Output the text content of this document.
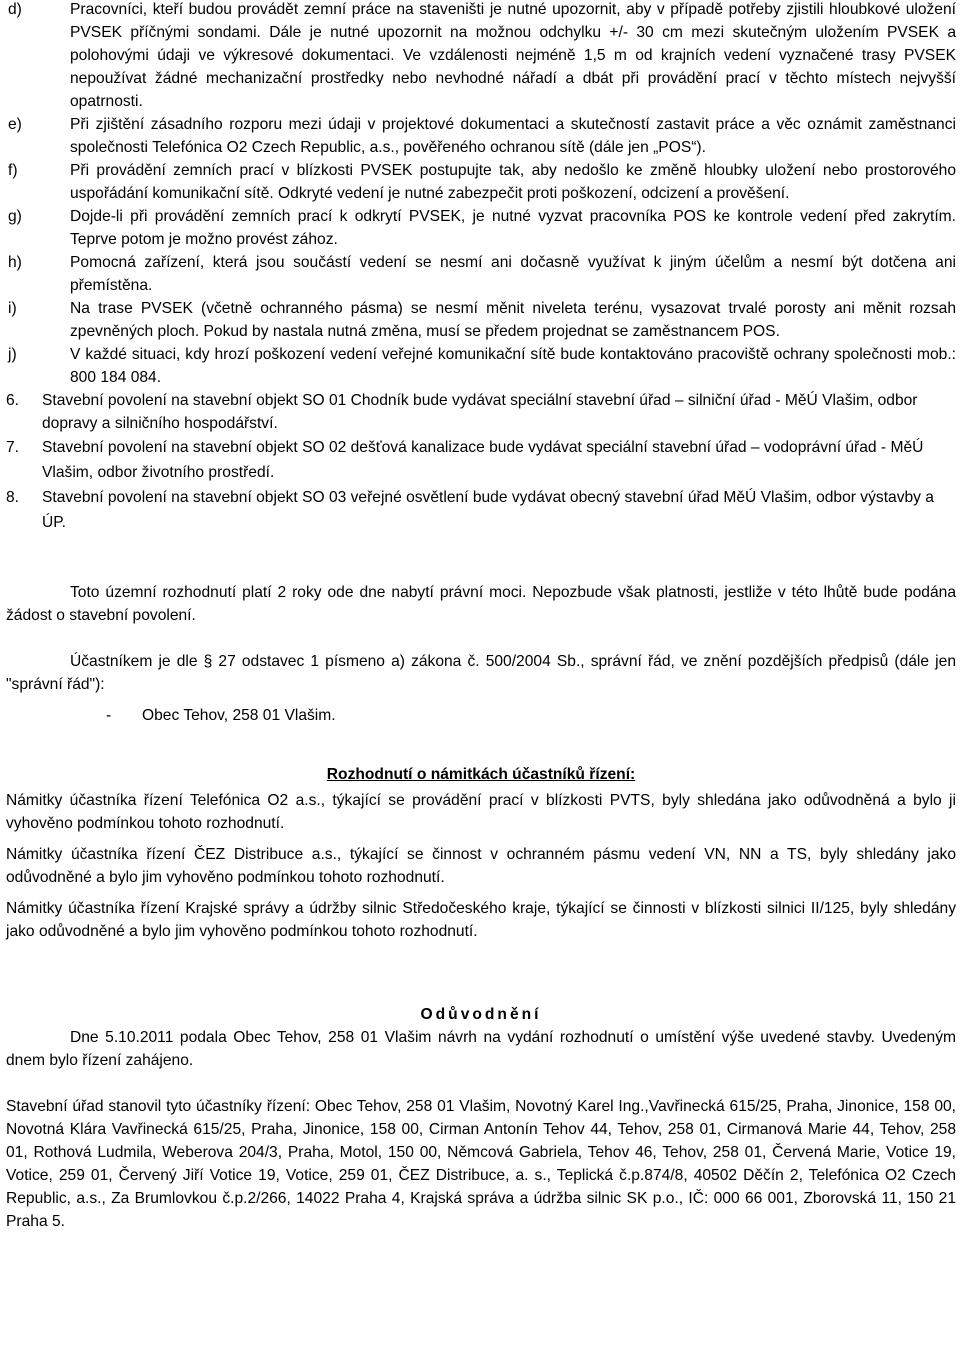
d)	Pracovníci, kteří budou provádět zemní práce na staveništi je nutné upozornit, aby v případě potřeby zjistili hloubkové uložení PVSEK příčnými sondami. Dále je nutné upozornit na možnou odchylku +/- 30 cm mezi skutečným uložením PVSEK a polohovými údaji ve výkresové dokumentaci. Ve vzdálenosti nejméně 1,5 m od krajních vedení vyznačené trasy PVSEK nepoužívat žádné mechanizační prostředky nebo nevhodné nářadí a dbát při provádění prací v těchto místech nejvyšší opatrnosti.
e)	Při zjištění zásadního rozporu mezi údaji v projektové dokumentaci a skutečností zastavit práce a věc oznámit zaměstnanci společnosti Telefónica O2 Czech Republic, a.s., pověřeného ochranou sítě (dále jen „POS“).
f)	Při provádění zemních prací v blízkosti PVSEK postupujte tak, aby nedošlo ke změně hloubky uložení nebo prostorového uspořádání komunikační sítě. Odkryté vedení je nutné zabezpečit proti poškození, odcizení a prověšení.
g)	Dojde-li při provádění zemních prací k odkrytí PVSEK, je nutné vyzvat pracovníka POS ke kontrole vedení před zakrytím. Teprve potom je možno provést zához.
h)	Pomocná zařízení, která jsou součástí vedení se nesmí ani dočasně využívat k jiným účelům a nesmí být dotčena ani přemístěna.
i)	Na trase PVSEK (včetně ochranného pásma) se nesmí měnit niveleta terénu, vysazovat trvalé porosty ani měnit rozsah zpevněných ploch. Pokud by nastala nutná změna, musí se předem projednat se zaměstnancem POS.
j)	V každé situaci, kdy hrozí poškození vedení veřejné komunikační sítě bude kontaktováno pracoviště ochrany společnosti mob.: 800 184 084.
6. Stavební povolení na stavební objekt SO 01 Chodník bude vydávat speciální stavební úřad – silniční úřad - MěÚ Vlašim, odbor dopravy a silničního hospodářství.
7. Stavební povolení na stavební objekt SO 02 dešťová kanalizace bude vydávat speciální stavební úřad – vodoprávní úřad - MěÚ Vlašim, odbor životního prostředí.
8. Stavební povolení na stavební objekt SO 03 veřejné osvětlení bude vydávat obecný stavební úřad MěÚ Vlašim, odbor výstavby a ÚP.

Toto územní rozhodnutí platí 2 roky ode dne nabytí právní moci. Nepozbude však platnosti, jestliže v této lhůtě bude podána žádost o stavební povolení.

Účastníkem je dle § 27 odstavec 1 písmeno a) zákona č. 500/2004 Sb., správní řád, ve znění pozdějších předpisů (dále jen "správní řád"):

- Obec Tehov, 258 01 Vlašim.

Rozhodnutí o námitkách účastníků řízení:

Námitky účastníka řízení Telefónica O2 a.s., týkající se provádění prací v blízkosti PVTS, byly shledána jako odůvodněná a bylo ji vyhověno podmínkou tohoto rozhodnutí.

Námitky účastníka řízení ČEZ Distribuce a.s., týkající se činnost v ochranném pásmu vedení VN, NN a TS, byly shledány jako odůvodněné a bylo jim vyhověno podmínkou tohoto rozhodnutí.

Námitky účastníka řízení Krajské správy a údržby silnic Středočeského kraje, týkající se činnosti v blízkosti silnici II/125, byly shledány jako odůvodněné a bylo jim vyhověno podmínkou tohoto rozhodnutí.

Odůvodnění

Dne 5.10.2011 podala Obec Tehov, 258 01 Vlašim návrh na vydání rozhodnutí o umístění výše uvedené stavby. Uvedeným dnem bylo řízení zahájeno.

Stavební úřad stanovil tyto účastníky řízení: Obec Tehov, 258 01 Vlašim, Novotný Karel Ing.,Vavřinecká 615/25, Praha, Jinonice, 158 00, Novotná Klára Vavřinecká 615/25, Praha, Jinonice, 158 00, Cirman Antonín Tehov 44, Tehov, 258 01, Cirmanová Marie 44, Tehov, 258 01, Rothová Ludmila, Weberova 204/3, Praha, Motol, 150 00, Němcová Gabriela, Tehov 46, Tehov, 258 01, Červená Marie, Votice 19, Votice, 259 01, Červený Jiří Votice 19, Votice, 259 01, ČEZ Distribuce, a. s., Teplická č.p.874/8, 40502 Děčín 2, Telefónica O2 Czech Republic, a.s., Za Brumlovkou č.p.2/266, 14022 Praha 4, Krajská správa a údržba silnic SK p.o., IČ: 000 66 001, Zborovská 11, 150 21 Praha 5.
